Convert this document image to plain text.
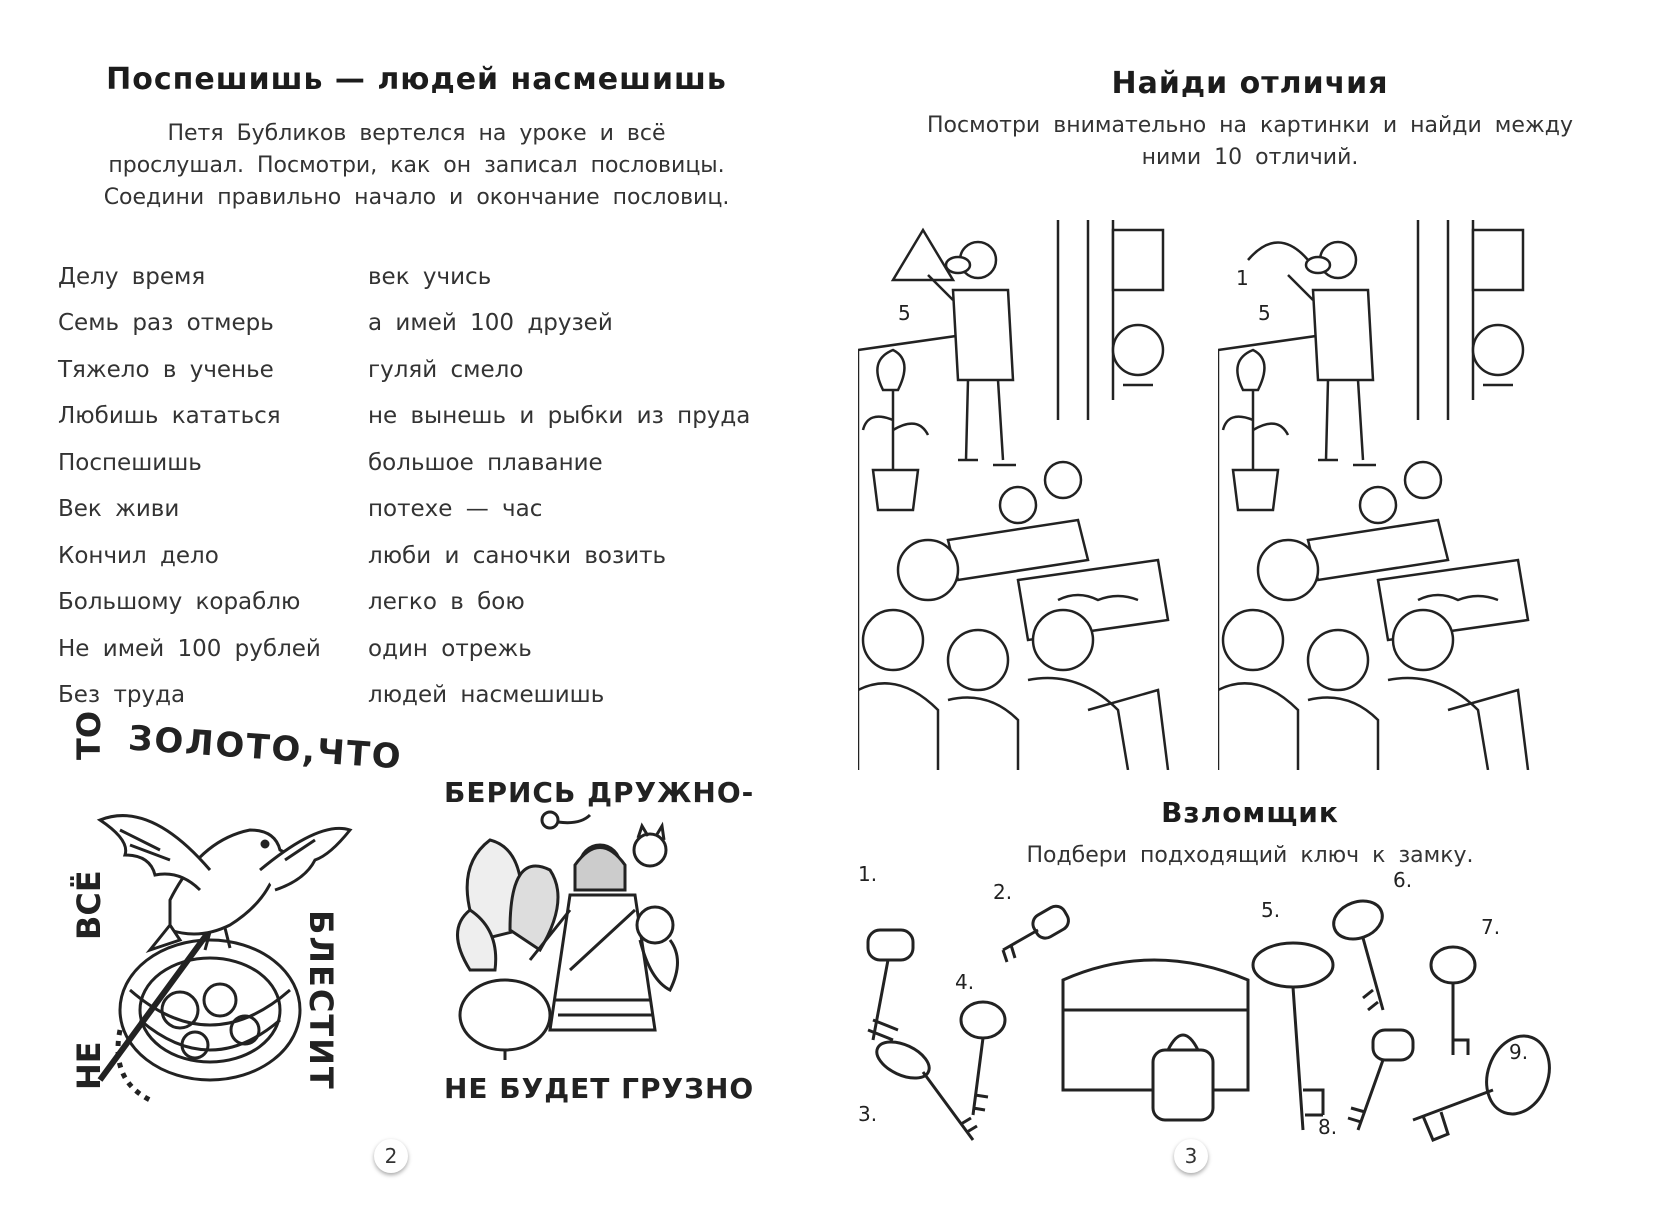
Поспешишь — людей насмешишь
Петя Бубликов вертелся на уроке и всё
прослушал. Посмотри, как он записал пословицы.
Соедини правильно начало и окончание пословиц.
Делу время
Семь раз отмерь
Тяжело в ученье
Любишь кататься
Поспешишь
Век живи
Кончил дело
Большому кораблю
Не имей 100 рублей
Без труда
век учись
а имей 100 друзей
гуляй смело
не вынешь и рыбки из пруда
большое плавание
потехе — час
люби и саночки возить
легко в бою
один отрежь
людей насмешишь
ЗОЛОТО,ЧТО
ТО
ВСЁ
НЕ	БЛЕСТИТ
БЕРИСЬ ДРУЖНО-
НЕ БУДЕТ ГРУЗНО
2
Найди отличия
Посмотри внимательно на картинки и найди между
ними 10 отличий.
5
1
5
Взломщик
Подбери подходящий ключ к замку.
1.
2.
3.
4.
5.
6.
7.
8.
9.
3
